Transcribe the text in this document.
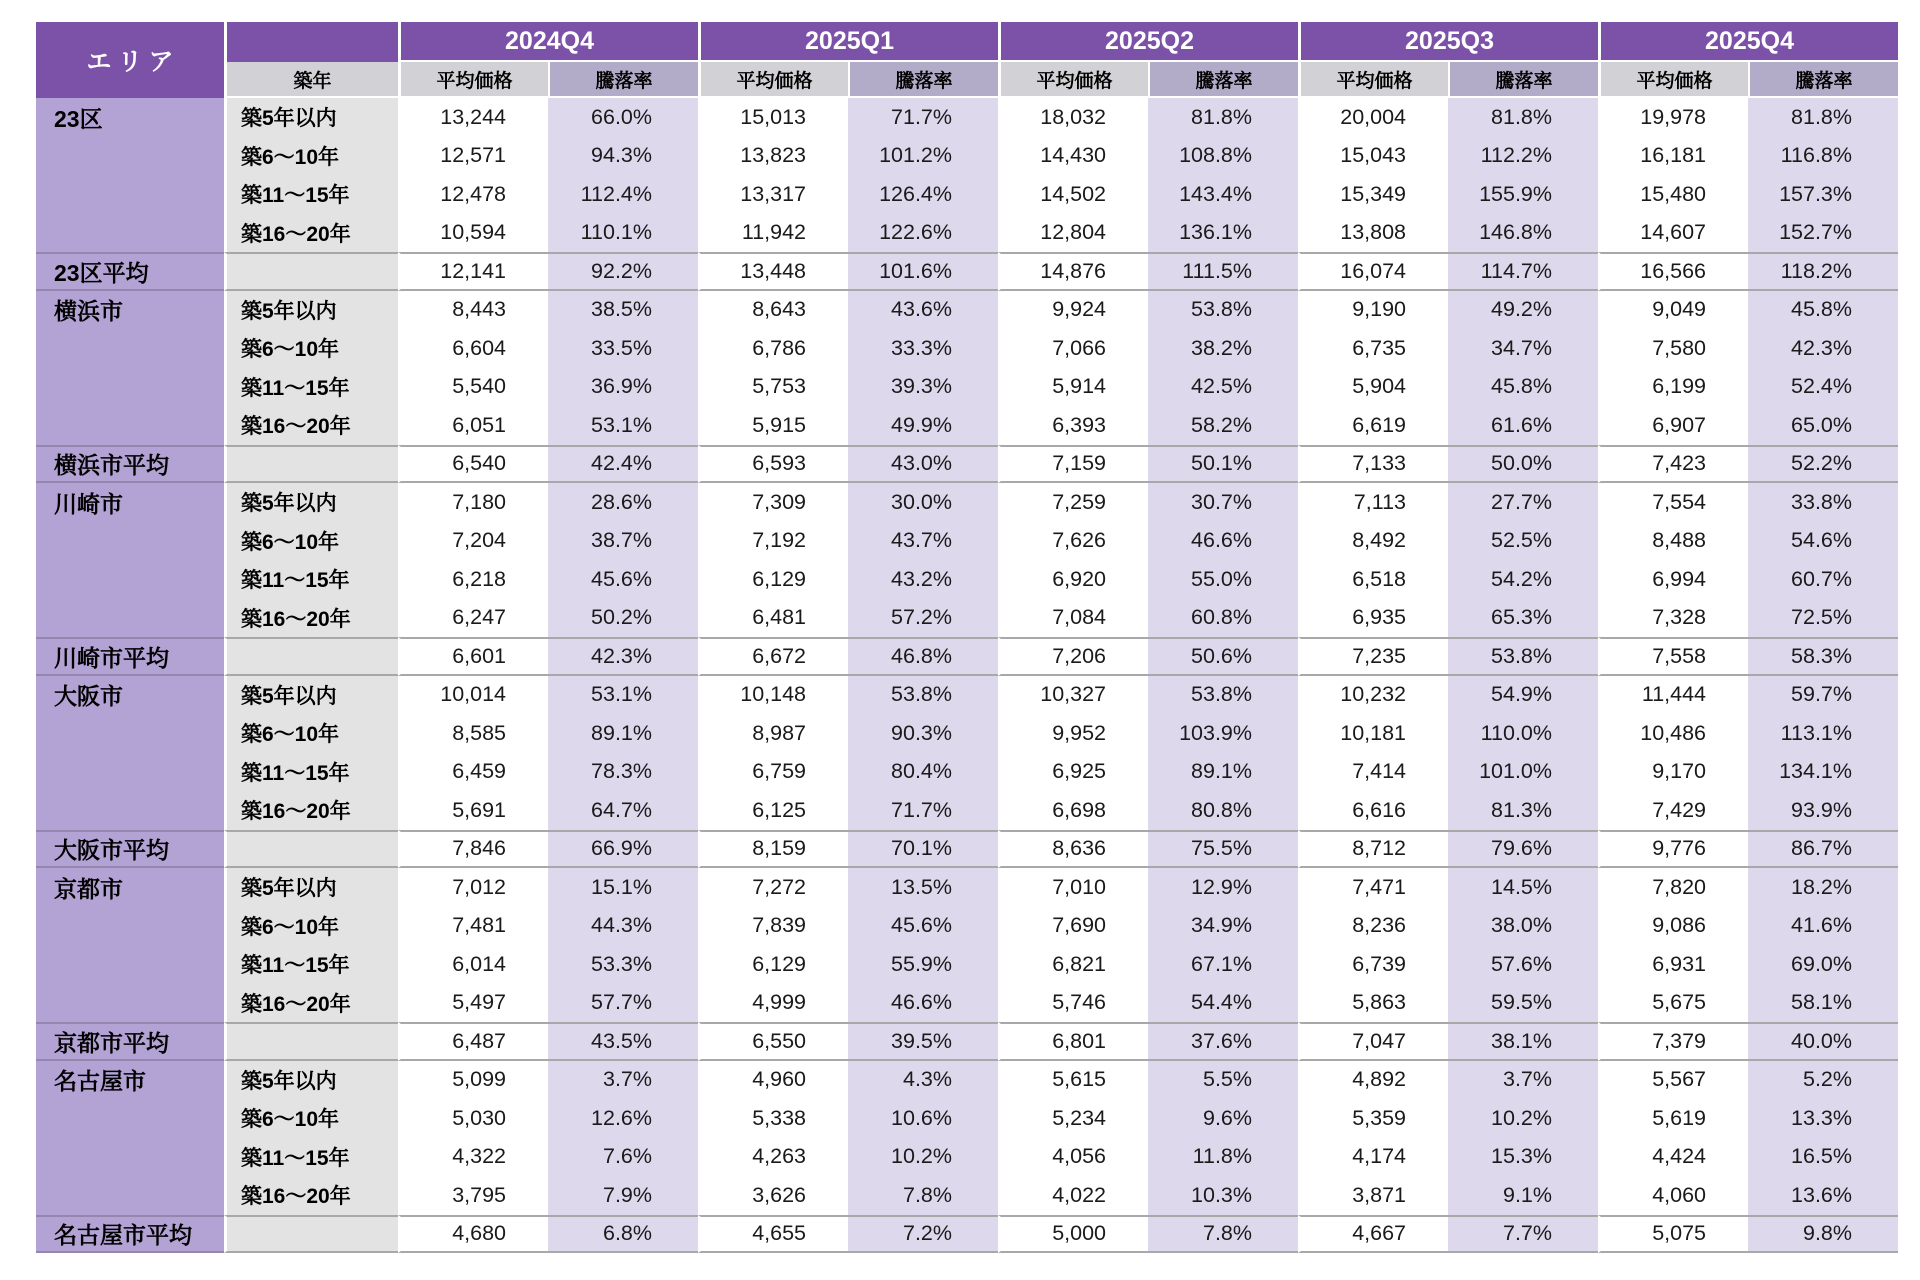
エリア
築年
2024Q4
平均価格	騰落率
2025Q1
平均価格	騰落率
2025Q2
平均価格	騰落率
2025Q3
平均価格	騰落率
2025Q4
平均価格	騰落率
23区	築5年以内	13,244	66.0%	15,013	71.7%	18,032	81.8%	20,004	81.8%	19,978	81.8%
築6～10年	12,571	94.3%	13,823	101.2%	14,430	108.8%	15,043	112.2%	16,181	116.8%
築11～15年	12,478	112.4%	13,317	126.4%	14,502	143.4%	15,349	155.9%	15,480	157.3%
築16～20年	10,594	110.1%	11,942	122.6%	12,804	136.1%	13,808	146.8%	14,607	152.7%
23区平均	12,141	92.2%	13,448	101.6%	14,876	111.5%	16,074	114.7%	16,566	118.2%
横浜市	築5年以内	8,443	38.5%	8,643	43.6%	9,924	53.8%	9,190	49.2%	9,049	45.8%
築6～10年	6,604	33.5%	6,786	33.3%	7,066	38.2%	6,735	34.7%	7,580	42.3%
築11～15年	5,540	36.9%	5,753	39.3%	5,914	42.5%	5,904	45.8%	6,199	52.4%
築16～20年	6,051	53.1%	5,915	49.9%	6,393	58.2%	6,619	61.6%	6,907	65.0%
横浜市平均	6,540	42.4%	6,593	43.0%	7,159	50.1%	7,133	50.0%	7,423	52.2%
川崎市	築5年以内	7,180	28.6%	7,309	30.0%	7,259	30.7%	7,113	27.7%	7,554	33.8%
築6～10年	7,204	38.7%	7,192	43.7%	7,626	46.6%	8,492	52.5%	8,488	54.6%
築11～15年	6,218	45.6%	6,129	43.2%	6,920	55.0%	6,518	54.2%	6,994	60.7%
築16～20年	6,247	50.2%	6,481	57.2%	7,084	60.8%	6,935	65.3%	7,328	72.5%
川崎市平均	6,601	42.3%	6,672	46.8%	7,206	50.6%	7,235	53.8%	7,558	58.3%
大阪市	築5年以内	10,014	53.1%	10,148	53.8%	10,327	53.8%	10,232	54.9%	11,444	59.7%
築6～10年	8,585	89.1%	8,987	90.3%	9,952	103.9%	10,181	110.0%	10,486	113.1%
築11～15年	6,459	78.3%	6,759	80.4%	6,925	89.1%	7,414	101.0%	9,170	134.1%
築16～20年	5,691	64.7%	6,125	71.7%	6,698	80.8%	6,616	81.3%	7,429	93.9%
大阪市平均	7,846	66.9%	8,159	70.1%	8,636	75.5%	8,712	79.6%	9,776	86.7%
京都市	築5年以内	7,012	15.1%	7,272	13.5%	7,010	12.9%	7,471	14.5%	7,820	18.2%
築6～10年	7,481	44.3%	7,839	45.6%	7,690	34.9%	8,236	38.0%	9,086	41.6%
築11～15年	6,014	53.3%	6,129	55.9%	6,821	67.1%	6,739	57.6%	6,931	69.0%
築16～20年	5,497	57.7%	4,999	46.6%	5,746	54.4%	5,863	59.5%	5,675	58.1%
京都市平均	6,487	43.5%	6,550	39.5%	6,801	37.6%	7,047	38.1%	7,379	40.0%
名古屋市	築5年以内	5,099	3.7%	4,960	4.3%	5,615	5.5%	4,892	3.7%	5,567	5.2%
築6～10年	5,030	12.6%	5,338	10.6%	5,234	9.6%	5,359	10.2%	5,619	13.3%
築11～15年	4,322	7.6%	4,263	10.2%	4,056	11.8%	4,174	15.3%	4,424	16.5%
築16～20年	3,795	7.9%	3,626	7.8%	4,022	10.3%	3,871	9.1%	4,060	13.6%
名古屋市平均	4,680	6.8%	4,655	7.2%	5,000	7.8%	4,667	7.7%	5,075	9.8%
